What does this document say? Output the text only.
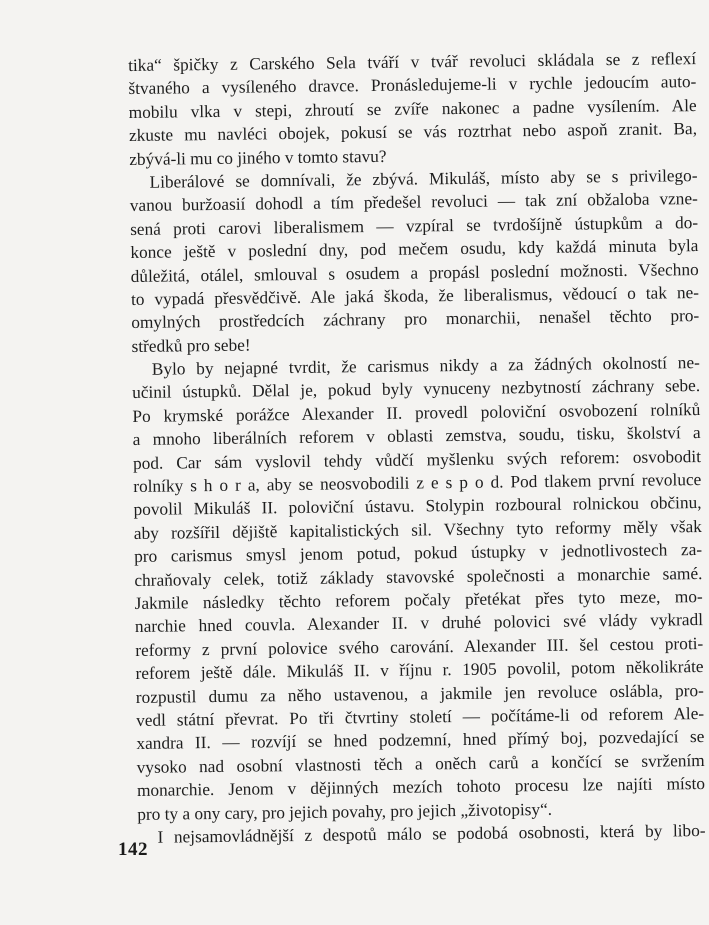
tika“ špičky z Carského Sela tváří v tvář revoluci skládala se z reflexí
štvaného a vysíleného dravce. Pronásledujeme-li v rychle jedoucím auto-
mobilu vlka v stepi, zhroutí se zvíře nakonec a padne vysílením. Ale
zkuste mu navléci obojek, pokusí se vás roztrhat nebo aspoň zranit. Ba,
zbývá-li mu co jiného v tomto stavu?
Liberálové se domnívali, že zbývá. Mikuláš, místo aby se s privilego-
vanou buržoasií dohodl a tím předešel revoluci — tak zní obžaloba vzne-
sená proti carovi liberalismem — vzpíral se tvrdošíjně ústupkům a do-
konce ještě v poslední dny, pod mečem osudu, kdy každá minuta byla
důležitá, otálel, smlouval s osudem a propásl poslední možnosti. Všechno
to vypadá přesvědčivě. Ale jaká škoda, že liberalismus, vědoucí o tak ne-
omylných prostředcích záchrany pro monarchii, nenašel těchto pro-
středků pro sebe!
Bylo by nejapné tvrdit, že carismus nikdy a za žádných okolností ne-
učinil ústupků. Dělal je, pokud byly vynuceny nezbytností záchrany sebe.
Po krymské porážce Alexander II. provedl poloviční osvobození rolníků
a mnoho liberálních reforem v oblasti zemstva, soudu, tisku, školství a
pod. Car sám vyslovil tehdy vůdčí myšlenku svých reforem: osvobodit
rolníky s h o r a, aby se neosvobodili z e s p o d. Pod tlakem první revoluce
povolil Mikuláš II. poloviční ústavu. Stolypin rozboural rolnickou občinu,
aby rozšířil dějiště kapitalistických sil. Všechny tyto reformy měly však
pro carismus smysl jenom potud, pokud ústupky v jednotlivostech za-
chraňovaly celek, totiž základy stavovské společnosti a monarchie samé.
Jakmile následky těchto reforem počaly přetékat přes tyto meze, mo-
narchie hned couvla. Alexander II. v druhé polovici své vlády vykradl
reformy z první polovice svého carování. Alexander III. šel cestou proti-
reforem ještě dále. Mikuláš II. v říjnu r. 1905 povolil, potom několikráte
rozpustil dumu za něho ustavenou, a jakmile jen revoluce oslábla, pro-
vedl státní převrat. Po tři čtvrtiny století — počítáme-li od reforem Ale-
xandra II. — rozvíjí se hned podzemní, hned přímý boj, pozvedající se
vysoko nad osobní vlastnosti těch a oněch carů a končící se svržením
monarchie. Jenom v dějinných mezích tohoto procesu lze najíti místo
pro ty a ony cary, pro jejich povahy, pro jejich „životopisy“.
I nejsamovládnější z despotů málo se podobá osobnosti, která by libo-
142
